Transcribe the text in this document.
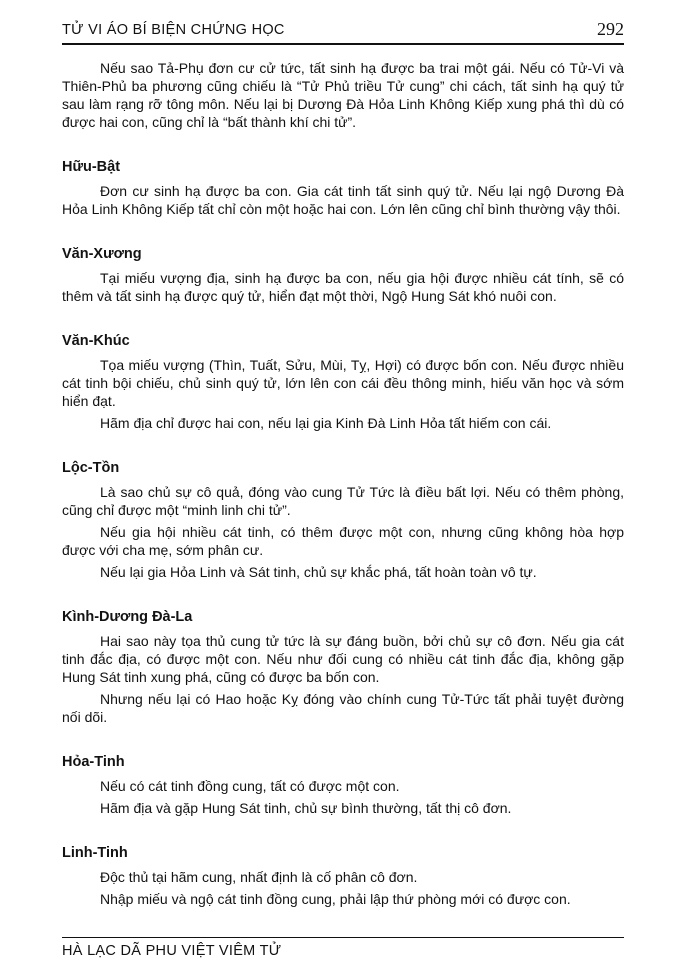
TỬ VI ÁO BÍ BIỆN CHỨNG HỌC	292

Nếu sao Tả-Phụ đơn cư cử tức, tất sinh hạ được ba trai một gái. Nếu có Tử-Vi và Thiên-Phủ ba phương cũng chiếu là “Tử Phủ triều Tử cung” chi cách, tất sinh hạ quý tử sau làm rạng rỡ tông môn. Nếu lại bị Dương Đà Hỏa Linh Không Kiếp xung phá thì dù có được hai con, cũng chỉ là “bất thành khí chi tử”.

Hữu-Bật

Đơn cư sinh hạ được ba con. Gia cát tinh tất sinh quý tử. Nếu lại ngộ Dương Đà Hỏa Linh Không Kiếp tất chỉ còn một hoặc hai con. Lớn lên cũng chỉ bình thường vậy thôi.

Văn-Xương

Tại miếu vượng địa, sinh hạ được ba con, nếu gia hội được nhiều cát tính, sẽ có thêm và tất sinh hạ được quý tử, hiển đạt một thời, Ngộ Hung Sát khó nuôi con.

Văn-Khúc

Tọa miếu vượng (Thìn, Tuất, Sửu, Mùi, Tỵ, Hợi) có được bốn con. Nếu được nhiều cát tinh bội chiếu, chủ sinh quý tử, lớn lên con cái đều thông minh, hiếu văn học và sớm hiển đạt.

Hãm địa chỉ được hai con, nếu lại gia Kinh Đà Linh Hỏa tất hiếm con cái.

Lộc-Tồn

Là sao chủ sự cô quả, đóng vào cung Tử Tức là điều bất lợi. Nếu có thêm phòng, cũng chỉ được một “minh linh chi tử”.

Nếu gia hội nhiều cát tinh, có thêm được một con, nhưng cũng không hòa hợp được với cha mẹ, sớm phân cư.

Nếu lại gia Hỏa Linh và Sát tinh, chủ sự khắc phá, tất hoàn toàn vô tự.

Kình-Dương Đà-La

Hai sao này tọa thủ cung tử tức là sự đáng buồn, bởi chủ sự cô đơn. Nếu gia cát tinh đắc địa, có được một con. Nếu như đối cung có nhiều cát tinh đắc địa, không gặp Hung Sát tinh xung phá, cũng có được ba bốn con.

Nhưng nếu lại có Hao hoặc Kỵ đóng vào chính cung Tử-Tức tất phải tuyệt đường nối dõi.

Hỏa-Tinh

Nếu có cát tinh đồng cung, tất có được một con.

Hãm địa và gặp Hung Sát tinh, chủ sự bình thường, tất thị cô đơn.

Linh-Tinh

Độc thủ tại hãm cung, nhất định là cố phân cô đơn.

Nhập miếu và ngộ cát tinh đồng cung, phải lập thứ phòng mới có được con.

HÀ LẠC DÃ PHU VIỆT VIÊM TỬ
